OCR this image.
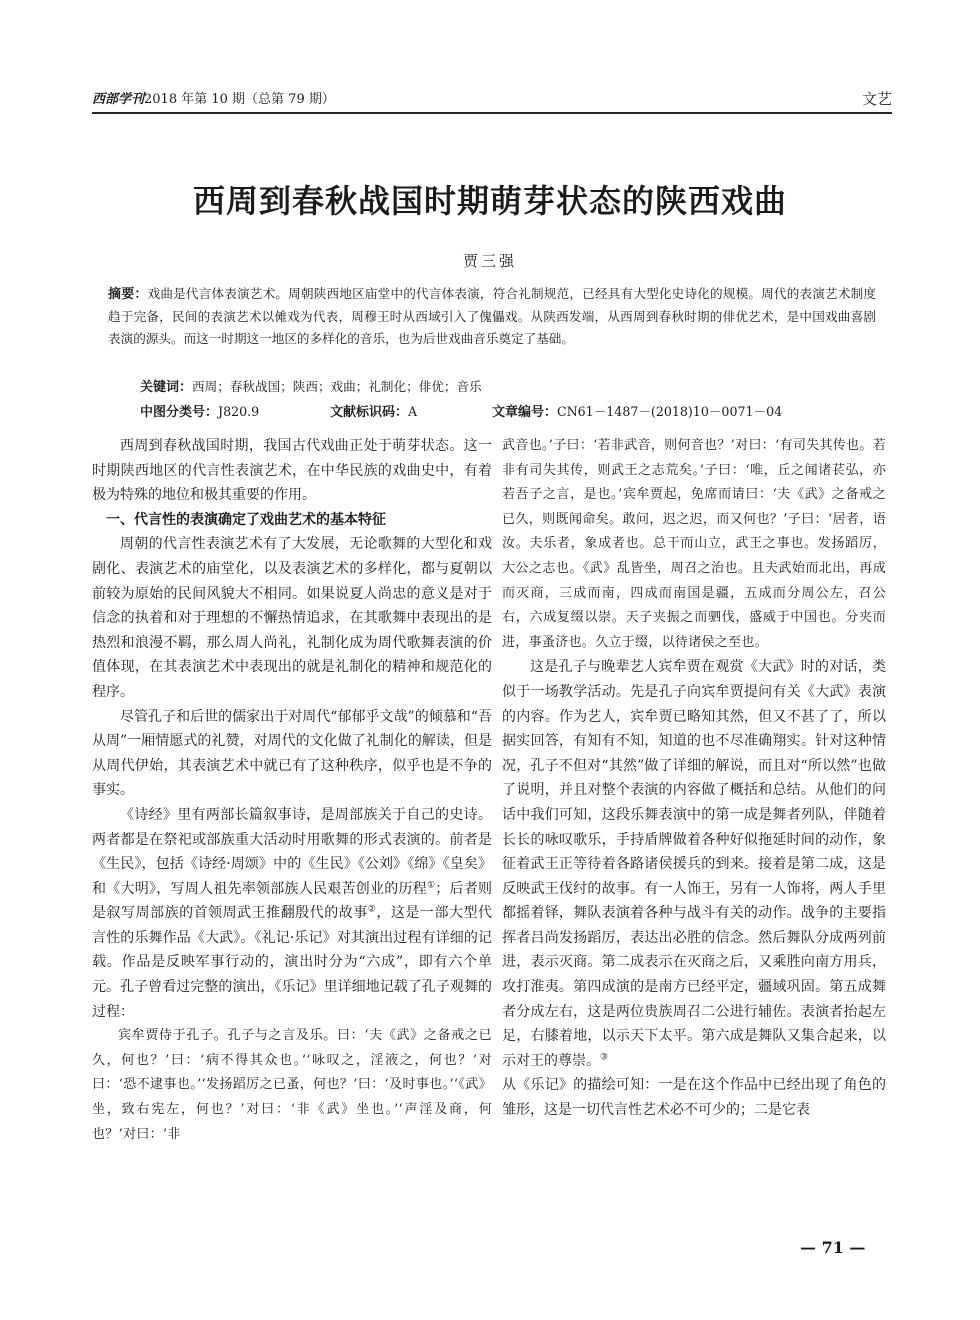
西部学刊2018 年第 10 期（总第 79 期）	文艺
西周到春秋战国时期萌芽状态的陕西戏曲
贾三强
摘要：戏曲是代言体表演艺术。周朝陕西地区庙堂中的代言体表演，符合礼制规范，已经具有大型化史诗化的规模。周代的表演艺术制度趋于完备，民间的表演艺术以傩戏为代表，周穆王时从西域引入了傀儡戏。从陕西发端，从西周到春秋时期的俳优艺术，是中国戏曲喜剧表演的源头。而这一时期这一地区的多样化的音乐，也为后世戏曲音乐奠定了基础。
关键词：西周；春秋战国；陕西；戏曲；礼制化；俳优；音乐
中图分类号：J820.9	文献标识码：A	文章编号：CN61－1487－(2018)10－0071－04

西周到春秋战国时期，我国古代戏曲正处于萌芽状态。这一时期陕西地区的代言性表演艺术，在中华民族的戏曲史中，有着极为特殊的地位和极其重要的作用。

一、代言性的表演确定了戏曲艺术的基本特征

周朝的代言性表演艺术有了大发展，无论歌舞的大型化和戏剧化、表演艺术的庙堂化，以及表演艺术的多样化，都与夏朝以前较为原始的民间风貌大不相同。如果说夏人尚忠的意义是对于信念的执着和对于理想的不懈热情追求，在其歌舞中表现出的是热烈和浪漫不羁，那么周人尚礼，礼制化成为周代歌舞表演的价值体现，在其表演艺术中表现出的就是礼制化的精神和规范化的程序。

尽管孔子和后世的儒家出于对周代“郁郁乎文哉”的倾慕和“吾从周”一厢情愿式的礼赞，对周代的文化做了礼制化的解读，但是从周代伊始，其表演艺术中就已有了这种秩序，似乎也是不争的事实。

《诗经》里有两部长篇叙事诗，是周部族关于自己的史诗。两者都是在祭祀或部族重大活动时用歌舞的形式表演的。前者是《生民》，包括《诗经·周颂》中的《生民》《公刘》《绵》《皇矣》和《大明》，写周人祖先率领部族人民艰苦创业的历程①；后者则是叙写周部族的首领周武王推翻殷代的故事②，这是一部大型代言性的乐舞作品《大武》。《礼记·乐记》对其演出过程有详细的记载。作品是反映军事行动的，演出时分为“六成”，即有六个单元。孔子曾看过完整的演出，《乐记》里详细地记载了孔子观舞的过程：

宾牟贾侍于孔子。孔子与之言及乐。曰：‘夫《武》之备戒之已久，何也？’曰：‘病不得其众也。’‘咏叹之，淫液之，何也？’对曰：‘恐不逮事也。’‘发扬蹈厉之已蚤，何也？’曰：‘及时事也。’‘《武》坐，致右宪左，何也？’对曰：‘非《武》坐也。’‘声淫及商，何也？’对曰：‘非

武音也。’子曰：‘若非武音，则何音也？’对曰：‘有司失其传也。若非有司失其传，则武王之志荒矣。’子曰：‘唯，丘之闻诸苌弘，亦若吾子之言，是也。’宾牟贾起，免席而请曰：‘夫《武》之备戒之已久，则既闻命矣。敢问，迟之迟，而又何也？’子曰：‘居者，语汝。夫乐者，象成者也。总干而山立，武王之事也。发扬蹈厉，大公之志也。《武》乱皆坐，周召之治也。且夫武始而北出，再成而灭商，三成而南，四成而南国是疆，五成而分周公左，召公右，六成复缀以崇。天子夹振之而驷伐，盛威于中国也。分夹而进，事蚤济也。久立于缀，以待诸侯之至也。

这是孔子与晚辈艺人宾牟贾在观赏《大武》时的对话，类似于一场教学活动。先是孔子向宾牟贾提问有关《大武》表演的内容。作为艺人，宾牟贾已略知其然，但又不甚了了，所以据实回答，有知有不知，知道的也不尽准确翔实。针对这种情况，孔子不但对“其然”做了详细的解说，而且对“所以然”也做了说明，并且对整个表演的内容做了概括和总结。从他们的问话中我们可知，这段乐舞表演中的第一成是舞者列队，伴随着长长的咏叹歌乐，手持盾牌做着各种好似拖延时间的动作，象征着武王正等待着各路诸侯援兵的到来。接着是第二成，这是反映武王伐纣的故事。有一人饰王，另有一人饰将，两人手里都摇着铎，舞队表演着各种与战斗有关的动作。战争的主要指挥者吕尚发扬蹈厉，表达出必胜的信念。然后舞队分成两列前进，表示灭商。第二成表示在灭商之后，又乘胜向南方用兵，攻打淮夷。第四成演的是南方已经平定，疆域巩固。第五成舞者分成左右，这是两位贵族周召二公进行辅佐。表演者抬起左足，右膝着地，以示天下太平。第六成是舞队又集合起来，以示对王的尊崇。③

从《乐记》的描绘可知：一是在这个作品中已经出现了角色的雏形，这是一切代言性艺术必不可少的；二是它表

— 71 —
